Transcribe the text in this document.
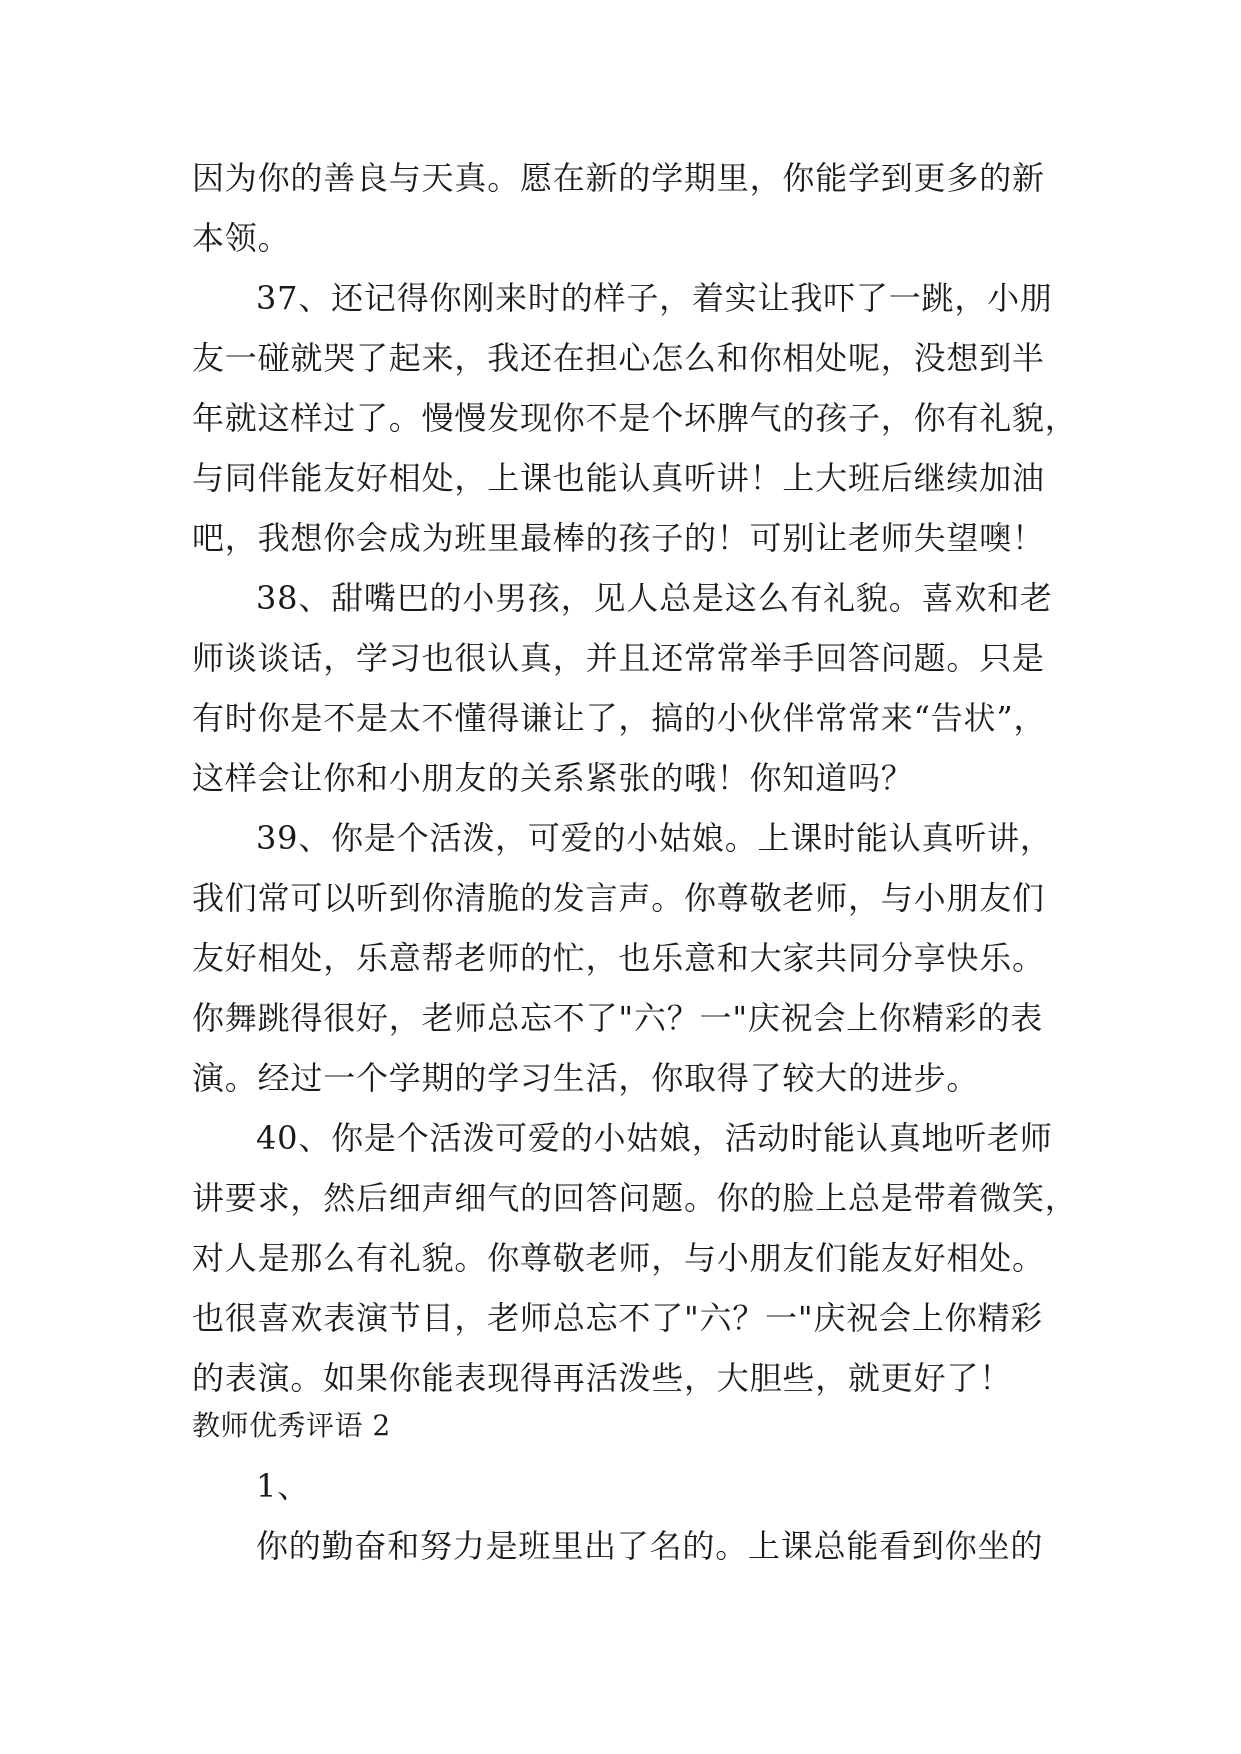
因为你的善良与天真。愿在新的学期里，你能学到更多的新
本领。
37、还记得你刚来时的样子，着实让我吓了一跳，小朋
友一碰就哭了起来，我还在担心怎么和你相处呢，没想到半
年就这样过了。慢慢发现你不是个坏脾气的孩子，你有礼貌，
与同伴能友好相处，上课也能认真听讲！上大班后继续加油
吧，我想你会成为班里最棒的孩子的！可别让老师失望噢！
38、甜嘴巴的小男孩，见人总是这么有礼貌。喜欢和老
师谈谈话，学习也很认真，并且还常常举手回答问题。只是
有时你是不是太不懂得谦让了，搞的小伙伴常常来“告状”，
这样会让你和小朋友的关系紧张的哦！你知道吗？
39、你是个活泼，可爱的小姑娘。上课时能认真听讲，
我们常可以听到你清脆的发言声。你尊敬老师，与小朋友们
友好相处，乐意帮老师的忙，也乐意和大家共同分享快乐。
你舞跳得很好，老师总忘不了"六？一"庆祝会上你精彩的表
演。经过一个学期的学习生活，你取得了较大的进步。
40、你是个活泼可爱的小姑娘，活动时能认真地听老师
讲要求，然后细声细气的回答问题。你的脸上总是带着微笑，
对人是那么有礼貌。你尊敬老师，与小朋友们能友好相处。
也很喜欢表演节目，老师总忘不了"六？一"庆祝会上你精彩
的表演。如果你能表现得再活泼些，大胆些，就更好了！
教师优秀评语 2
1、
你的勤奋和努力是班里出了名的。上课总能看到你坐的
